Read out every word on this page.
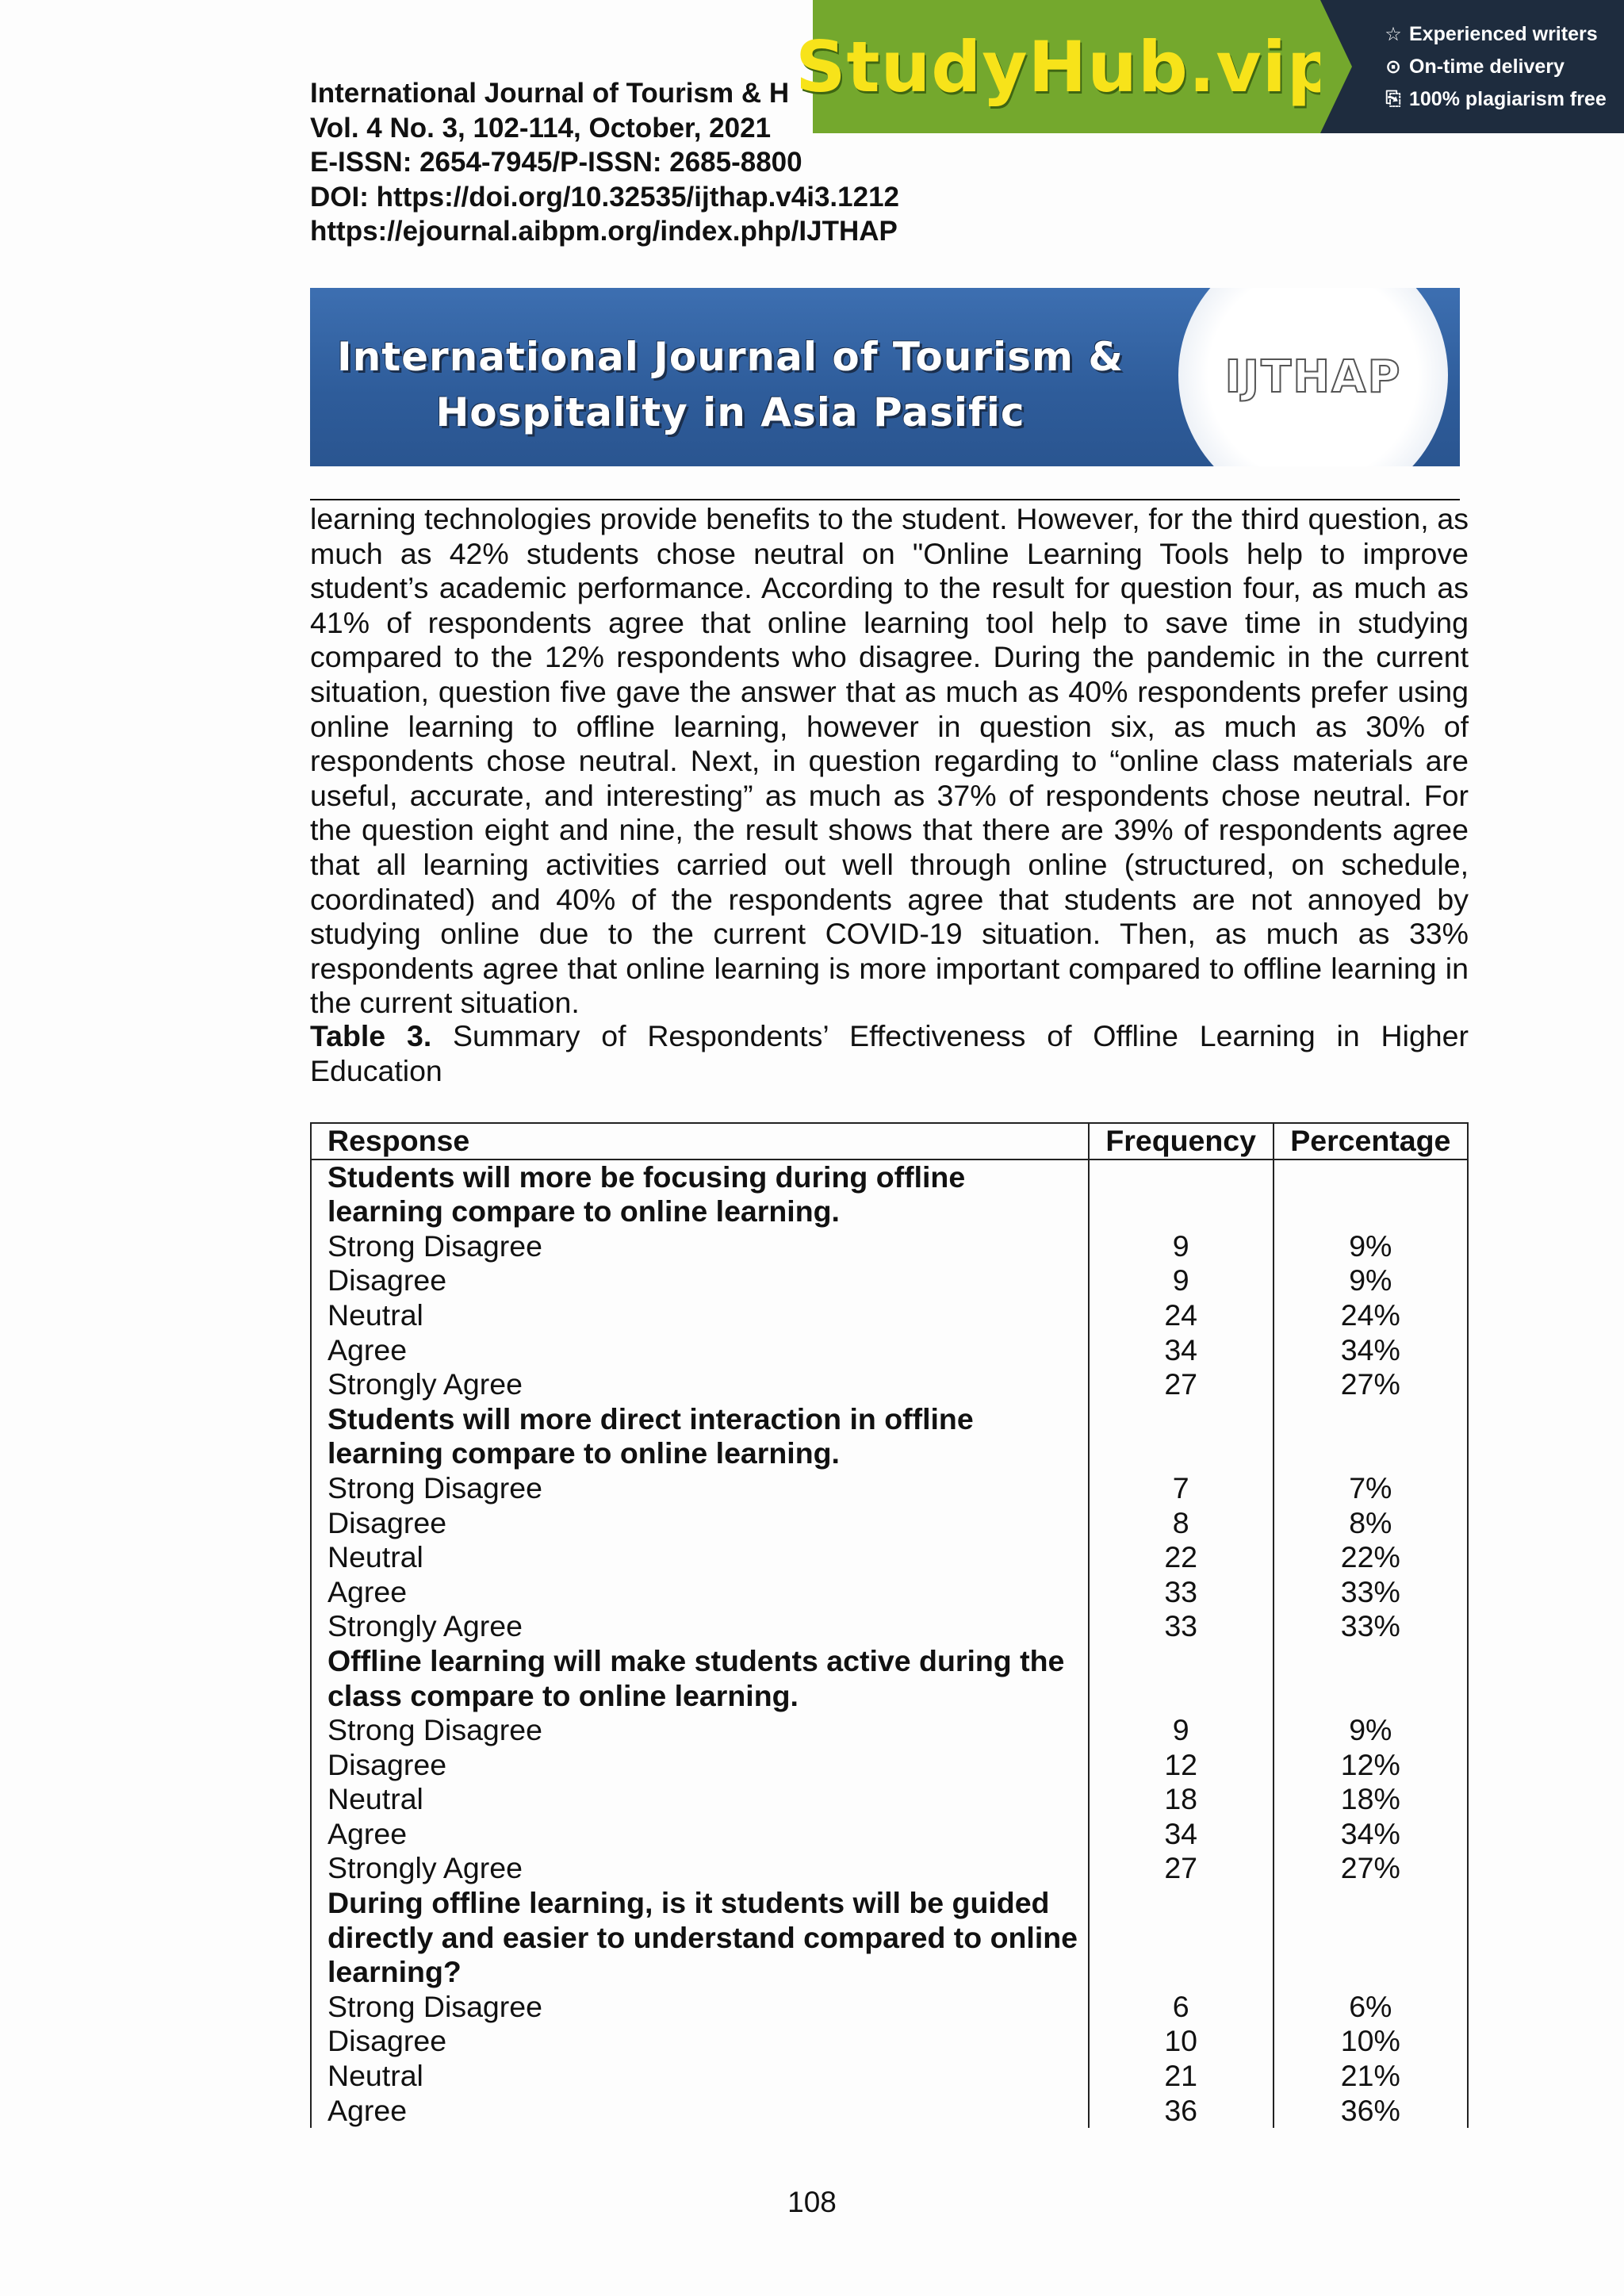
International Journal of Tourism & H
Vol. 4 No. 3, 102-114, October, 2021
E-ISSN: 2654-7945/P-ISSN: 2685-8800
DOI: https://doi.org/10.32535/ijthap.v4i3.1212
https://ejournal.aibpm.org/index.php/IJTHAP
StudyHub.vip ☆ Experienced writers
⊙ On-time delivery
⎘ 100% plagiarism free
International Journal of Tourism &
Hospitality in Asia Pasific
IJTHAP
learning technologies provide benefits to the student. However, for the third question, as much as 42% students chose neutral on "Online Learning Tools help to improve student’s academic performance. According to the result for question four, as much as 41% of respondents agree that online learning tool help to save time in studying compared to the 12% respondents who disagree. During the pandemic in the current situation, question five gave the answer that as much as 40% respondents prefer using online learning to offline learning, however in question six, as much as 30% of respondents chose neutral. Next, in question regarding to “online class materials are useful, accurate, and interesting” as much as 37% of respondents chose neutral. For the question eight and nine, the result shows that there are 39% of respondents agree that all learning activities carried out well through online (structured, on schedule, coordinated) and 40% of the respondents agree that students are not annoyed by studying online due to the current COVID-19 situation. Then, as much as 33% respondents agree that online learning is more important compared to offline learning in the current situation.
Table 3. Summary of Respondents’ Effectiveness of Offline Learning in Higher Education
Response	Frequency	Percentage
Students will more be focusing during offline learning compare to online learning.		
Strong Disagree	9	9%
Disagree	9	9%
Neutral	24	24%
Agree	34	34%
Strongly Agree	27	27%
Students will more direct interaction in offline learning compare to online learning.		
Strong Disagree	7	7%
Disagree	8	8%
Neutral	22	22%
Agree	33	33%
Strongly Agree	33	33%
Offline learning will make students active during the class compare to online learning.		
Strong Disagree	9	9%
Disagree	12	12%
Neutral	18	18%
Agree	34	34%
Strongly Agree	27	27%
During offline learning, is it students will be guided directly and easier to understand compared to online learning?		
Strong Disagree	6	6%
Disagree	10	10%
Neutral	21	21%
Agree	36	36%
108
